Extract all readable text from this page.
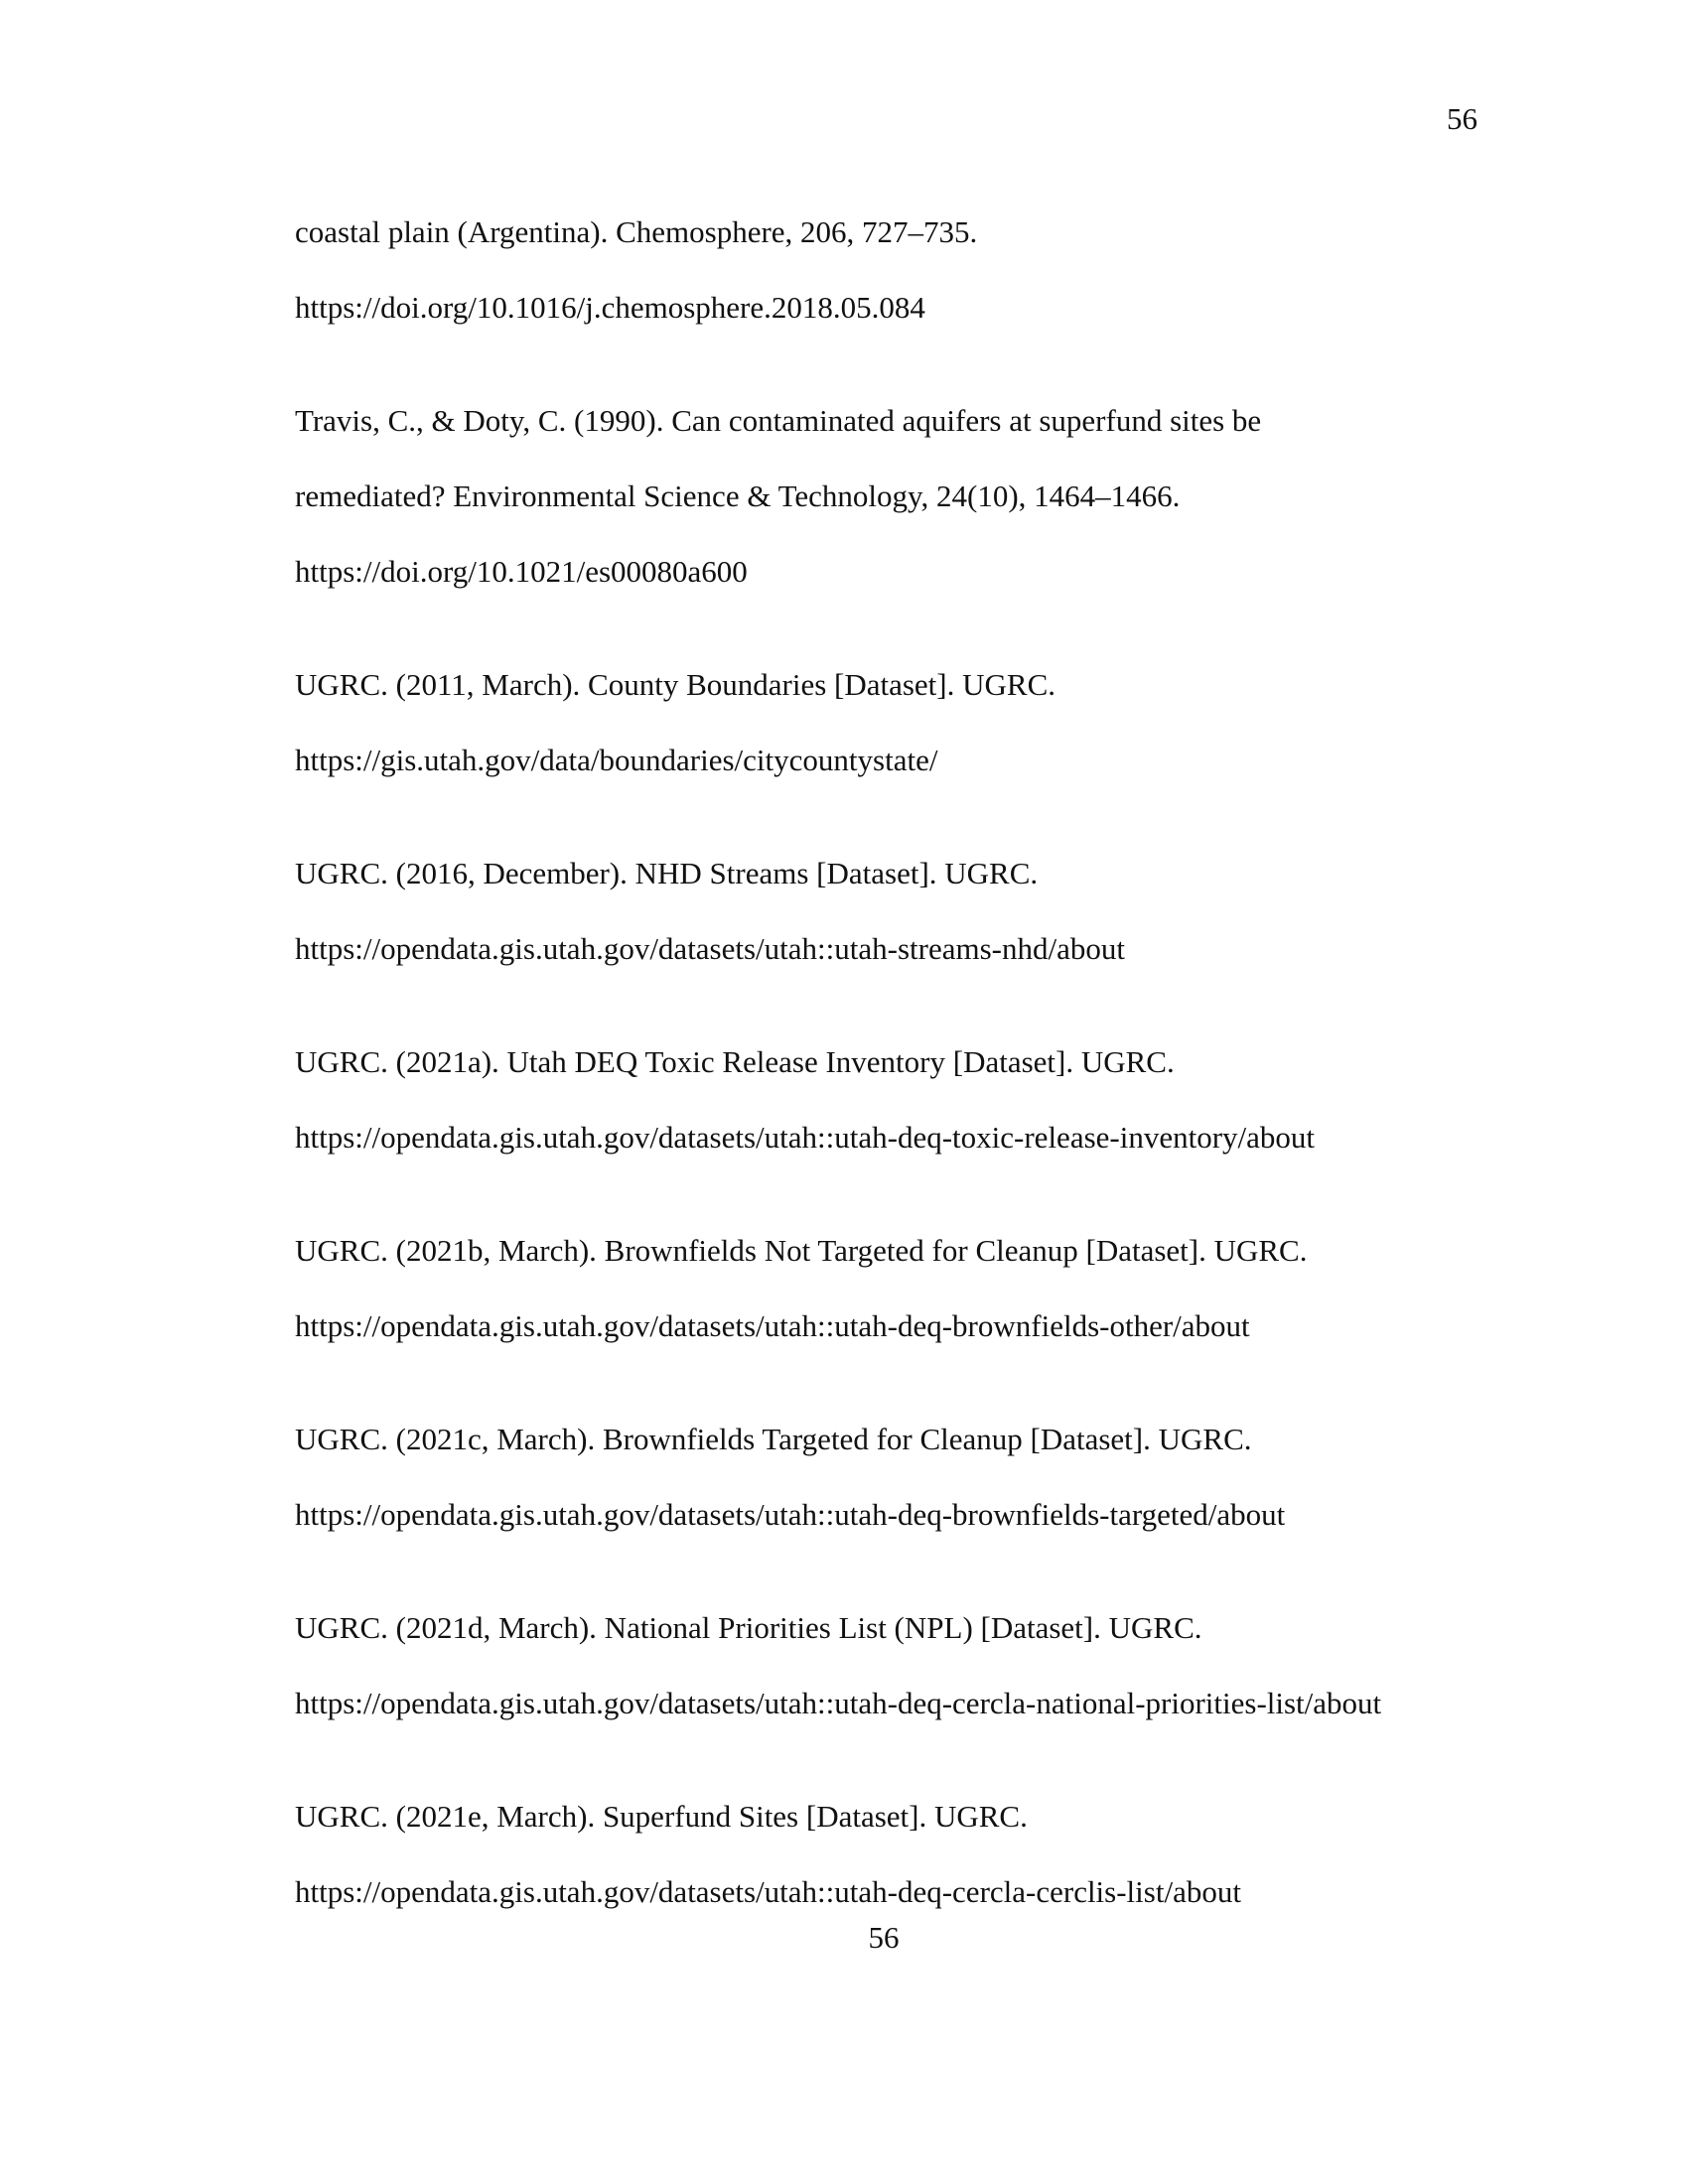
56
coastal plain (Argentina). Chemosphere, 206, 727–735.
https://doi.org/10.1016/j.chemosphere.2018.05.084
Travis, C., & Doty, C. (1990). Can contaminated aquifers at superfund sites be
remediated? Environmental Science & Technology, 24(10), 1464–1466.
https://doi.org/10.1021/es00080a600
UGRC. (2011, March). County Boundaries [Dataset]. UGRC.
https://gis.utah.gov/data/boundaries/citycountystate/
UGRC. (2016, December). NHD Streams [Dataset]. UGRC.
https://opendata.gis.utah.gov/datasets/utah::utah-streams-nhd/about
UGRC. (2021a). Utah DEQ Toxic Release Inventory [Dataset]. UGRC.
https://opendata.gis.utah.gov/datasets/utah::utah-deq-toxic-release-inventory/about
UGRC. (2021b, March). Brownfields Not Targeted for Cleanup [Dataset]. UGRC.
https://opendata.gis.utah.gov/datasets/utah::utah-deq-brownfields-other/about
UGRC. (2021c, March). Brownfields Targeted for Cleanup [Dataset]. UGRC.
https://opendata.gis.utah.gov/datasets/utah::utah-deq-brownfields-targeted/about
UGRC. (2021d, March). National Priorities List (NPL) [Dataset]. UGRC.
https://opendata.gis.utah.gov/datasets/utah::utah-deq-cercla-national-priorities-list/about
UGRC. (2021e, March). Superfund Sites [Dataset]. UGRC.
https://opendata.gis.utah.gov/datasets/utah::utah-deq-cercla-cerclis-list/about
56
